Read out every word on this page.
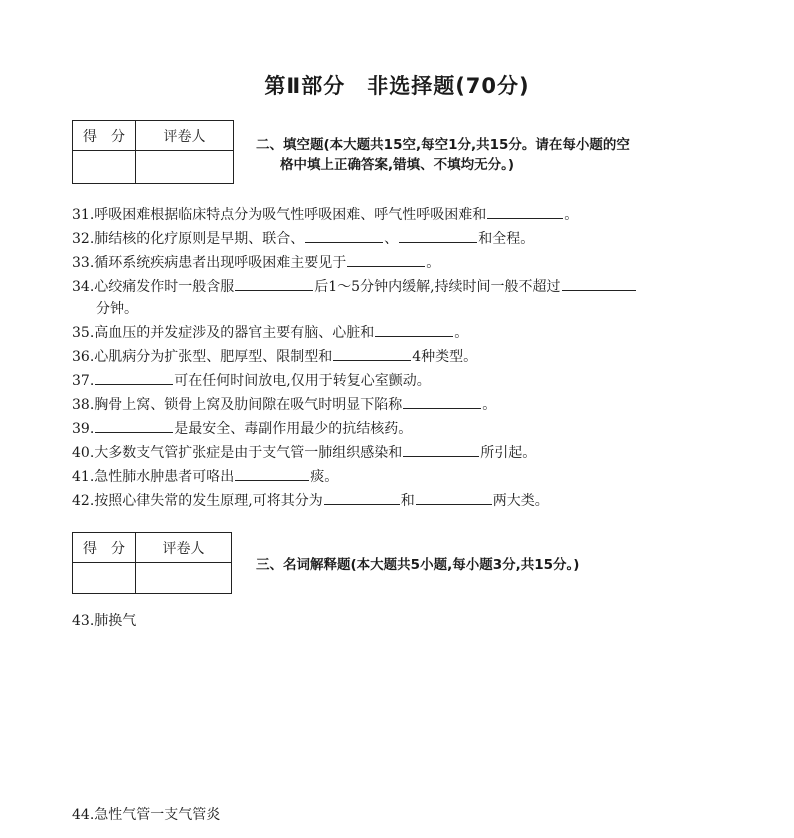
第Ⅱ部分　非选择题(70分)
得　分	评卷人

二、填空题(本大题共15空,每空1分,共15分。请在每小题的空
格中填上正确答案,错填、不填均无分。)
31.呼吸困难根据临床特点分为吸气性呼吸困难、呼气性呼吸困难和	。
32.肺结核的化疗原则是早期、联合、	、	和全程。
33.循环系统疾病患者出现呼吸困难主要见于	。
34.心绞痛发作时一般含服	后1～5分钟内缓解,持续时间一般不超过
分钟。
35.高血压的并发症涉及的器官主要有脑、心脏和	。
36.心肌病分为扩张型、肥厚型、限制型和	4种类型。
37.	可在任何时间放电,仅用于转复心室颤动。
38.胸骨上窝、锁骨上窝及肋间隙在吸气时明显下陷称	。
39.	是最安全、毒副作用最少的抗结核药。
40.大多数支气管扩张症是由于支气管一肺组织感染和	所引起。
41.急性肺水肿患者可咯出	痰。
42.按照心律失常的发生原理,可将其分为	和	两大类。
得　分	评卷人

三、名词解释题(本大题共5小题,每小题3分,共15分。)
43.肺换气
44.急性气管一支气管炎
